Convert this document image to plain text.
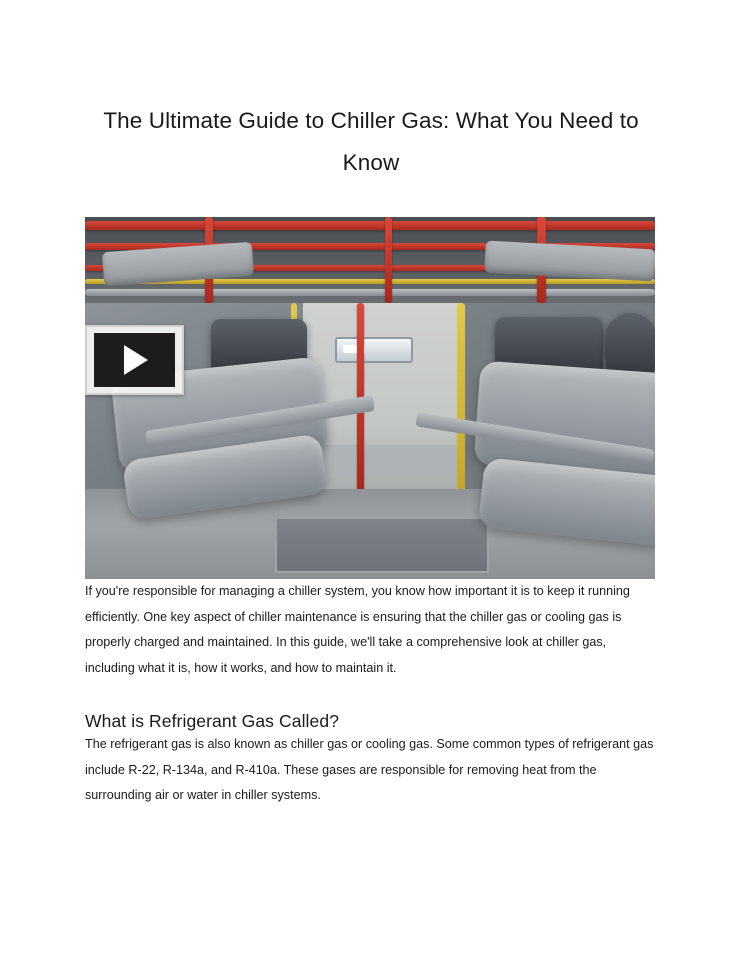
The Ultimate Guide to Chiller Gas: What You Need to Know

If you're responsible for managing a chiller system, you know how important it is to keep it running efficiently. One key aspect of chiller maintenance is ensuring that the chiller gas or cooling gas is properly charged and maintained. In this guide, we'll take a comprehensive look at chiller gas, including what it is, how it works, and how to maintain it.

What is Refrigerant Gas Called?

The refrigerant gas is also known as chiller gas or cooling gas. Some common types of refrigerant gas include R-22, R-134a, and R-410a. These gases are responsible for removing heat from the surrounding air or water in chiller systems.
